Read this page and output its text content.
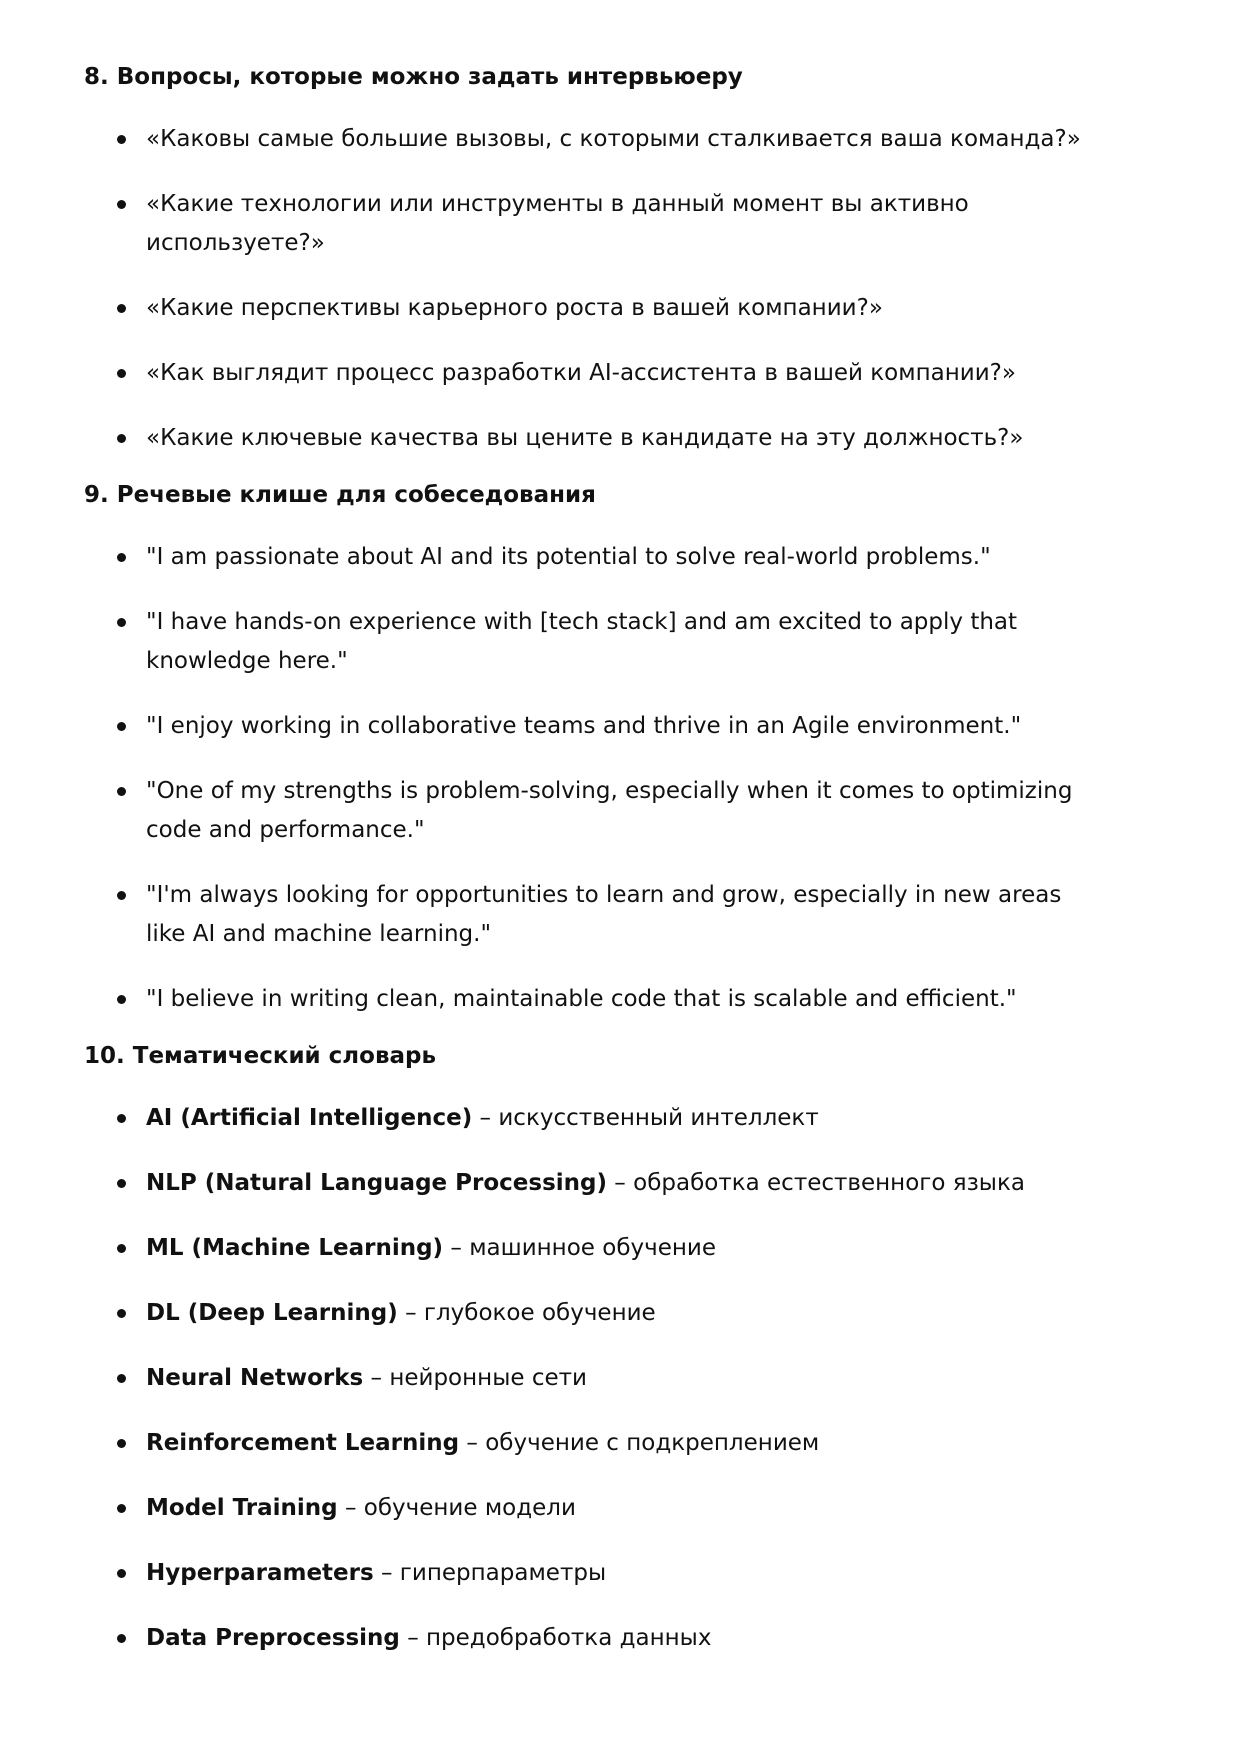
8. Вопросы, которые можно задать интервьюеру
«Каковы самые большие вызовы, с которыми сталкивается ваша команда?»
«Какие технологии или инструменты в данный момент вы активно используете?»
«Какие перспективы карьерного роста в вашей компании?»
«Как выглядит процесс разработки AI-ассистента в вашей компании?»
«Какие ключевые качества вы цените в кандидате на эту должность?»
9. Речевые клише для собеседования
"I am passionate about AI and its potential to solve real-world problems."
"I have hands-on experience with [tech stack] and am excited to apply that knowledge here."
"I enjoy working in collaborative teams and thrive in an Agile environment."
"One of my strengths is problem-solving, especially when it comes to optimizing code and performance."
"I'm always looking for opportunities to learn and grow, especially in new areas like AI and machine learning."
"I believe in writing clean, maintainable code that is scalable and efficient."
10. Тематический словарь
AI (Artificial Intelligence) – искусственный интеллект
NLP (Natural Language Processing) – обработка естественного языка
ML (Machine Learning) – машинное обучение
DL (Deep Learning) – глубокое обучение
Neural Networks – нейронные сети
Reinforcement Learning – обучение с подкреплением
Model Training – обучение модели
Hyperparameters – гиперпараметры
Data Preprocessing – предобработка данных
